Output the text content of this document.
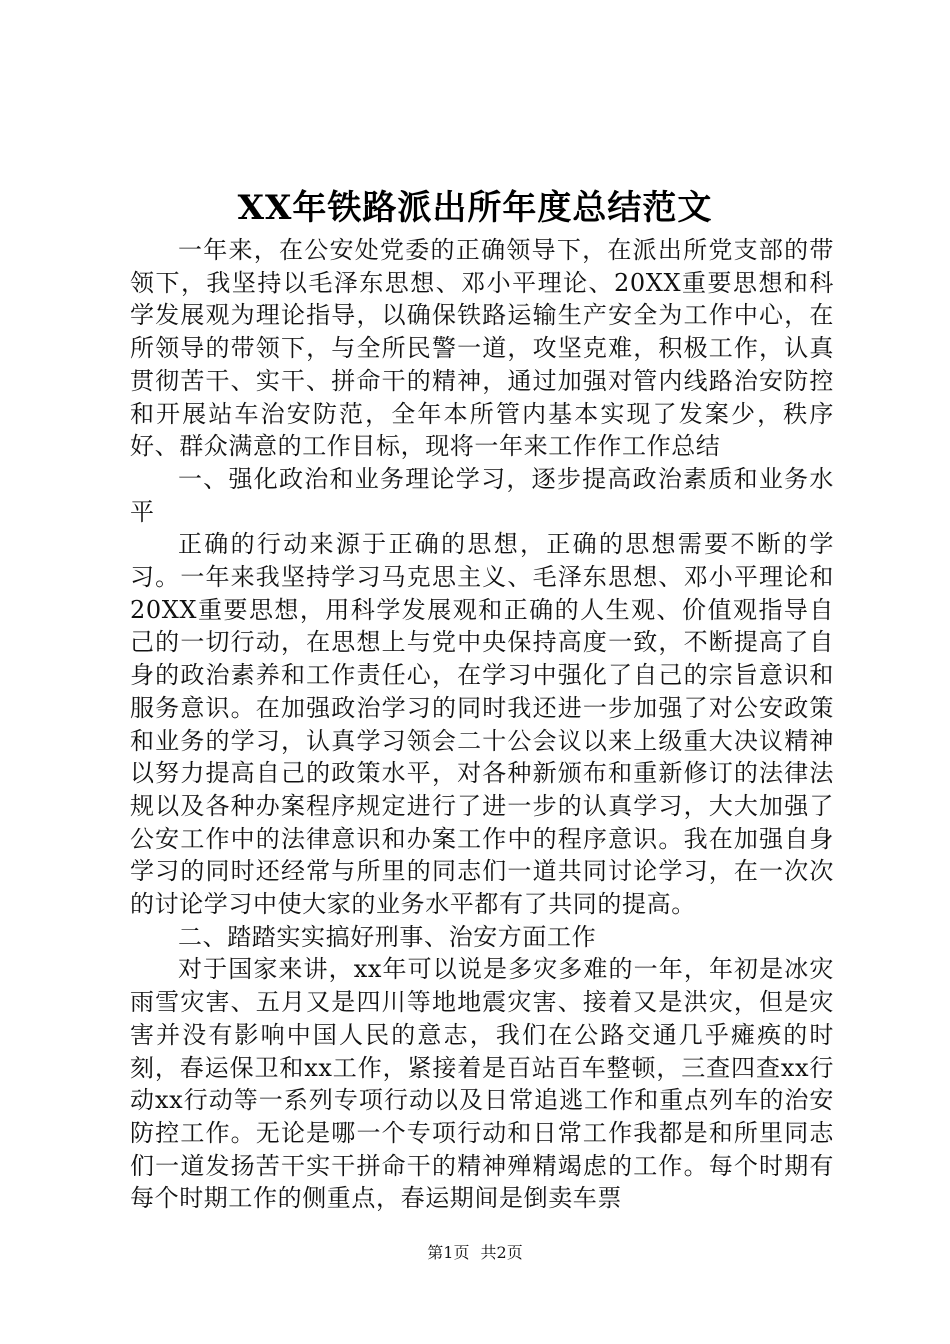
XX年铁路派出所年度总结范文

一年来，在公安处党委的正确领导下，在派出所党支部的带领下，我坚持以毛泽东思想、邓小平理论、20XX重要思想和科学发展观为理论指导，以确保铁路运输生产安全为工作中心，在所领导的带领下，与全所民警一道，攻坚克难，积极工作，认真贯彻苦干、实干、拼命干的精神，通过加强对管内线路治安防控和开展站车治安防范，全年本所管内基本实现了发案少，秩序好、群众满意的工作目标，现将一年来工作作工作总结

一、强化政治和业务理论学习，逐步提高政治素质和业务水平

正确的行动来源于正确的思想，正确的思想需要不断的学习。一年来我坚持学习马克思主义、毛泽东思想、邓小平理论和20XX重要思想，用科学发展观和正确的人生观、价值观指导自己的一切行动，在思想上与党中央保持高度一致，不断提高了自身的政治素养和工作责任心，在学习中强化了自己的宗旨意识和服务意识。在加强政治学习的同时我还进一步加强了对公安政策和业务的学习，认真学习领会二十公会议以来上级重大决议精神以努力提高自己的政策水平，对各种新颁布和重新修订的法律法规以及各种办案程序规定进行了进一步的认真学习，大大加强了公安工作中的法律意识和办案工作中的程序意识。我在加强自身学习的同时还经常与所里的同志们一道共同讨论学习，在一次次的讨论学习中使大家的业务水平都有了共同的提高。

二、踏踏实实搞好刑事、治安方面工作

对于国家来讲，xx年可以说是多灾多难的一年，年初是冰灾雨雪灾害、五月又是四川等地地震灾害、接着又是洪灾，但是灾害并没有影响中国人民的意志，我们在公路交通几乎瘫痪的时刻，春运保卫和xx工作，紧接着是百站百车整顿，三查四查xx行动xx行动等一系列专项行动以及日常追逃工作和重点列车的治安防控工作。无论是哪一个专项行动和日常工作我都是和所里同志们一道发扬苦干实干拼命干的精神殚精竭虑的工作。每个时期有每个时期工作的侧重点，春运期间是倒卖车票

第1页 共2页
